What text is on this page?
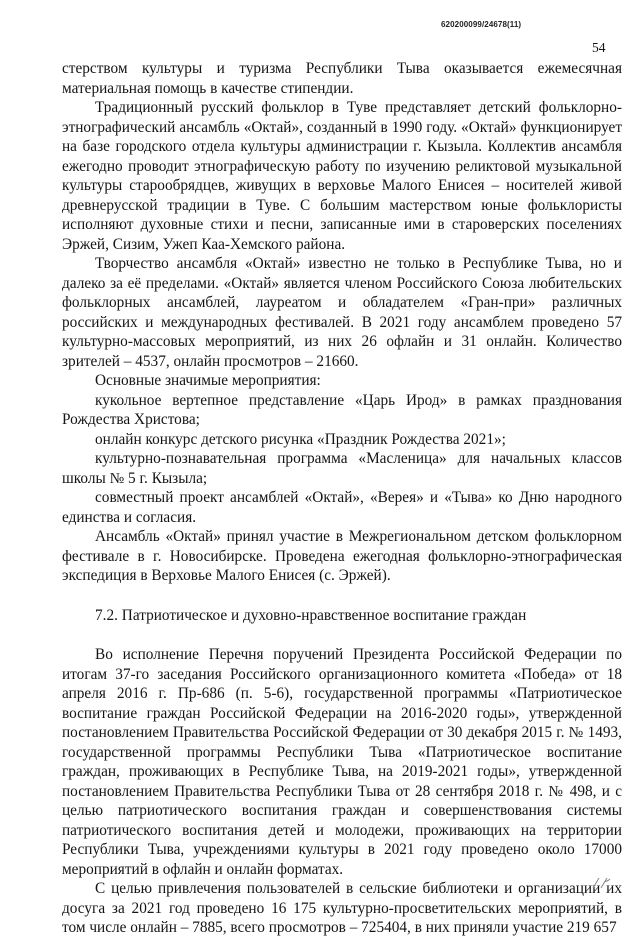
620200099/24678(11)
54

стерством культуры и туризма Республики Тыва оказывается ежемесячная материальная помощь в качестве стипендии.

Традиционный русский фольклор в Туве представляет детский фольклорно-этнографический ансамбль «Октай», созданный в 1990 году. «Октай» функционирует на базе городского отдела культуры администрации г. Кызыла. Коллектив ансамбля ежегодно проводит этнографическую работу по изучению реликтовой музыкальной культуры старообрядцев, живущих в верховье Малого Енисея – носителей живой древнерусской традиции в Туве. С большим мастерством юные фольклористы исполняют духовные стихи и песни, записанные ими в староверских поселениях Эржей, Сизим, Ужеп Каа-Хемского района.

Творчество ансамбля «Октай» известно не только в Республике Тыва, но и далеко за её пределами. «Октай» является членом Российского Союза любительских фольклорных ансамблей, лауреатом и обладателем «Гран-при» различных российских и международных фестивалей. В 2021 году ансамблем проведено 57 культурно-массовых мероприятий, из них 26 офлайн и 31 онлайн. Количество зрителей – 4537, онлайн просмотров – 21660.

Основные значимые мероприятия:

кукольное вертепное представление «Царь Ирод» в рамках празднования Рождества Христова;

онлайн конкурс детского рисунка «Праздник Рождества 2021»;

культурно-познавательная программа «Масленица» для начальных классов школы № 5 г. Кызыла;

совместный проект ансамблей «Октай», «Верея» и «Тыва» ко Дню народного единства и согласия.

Ансамбль «Октай» принял участие в Межрегиональном детском фольклорном фестивале в г. Новосибирске. Проведена ежегодная фольклорно-этнографическая экспедиция в Верховье Малого Енисея (с. Эржей).

7.2. Патриотическое и духовно-нравственное воспитание граждан

Во исполнение Перечня поручений Президента Российской Федерации по итогам 37-го заседания Российского организационного комитета «Победа» от 18 апреля 2016 г. Пр-686 (п. 5-6), государственной программы «Патриотическое воспитание граждан Российской Федерации на 2016-2020 годы», утвержденной постановлением Правительства Российской Федерации от 30 декабря 2015 г. № 1493, государственной программы Республики Тыва «Патриотическое воспитание граждан, проживающих в Республике Тыва, на 2019-2021 годы», утвержденной постановлением Правительства Республики Тыва от 28 сентября 2018 г. № 498, и с целью патриотического воспитания граждан и совершенствования системы патриотического воспитания детей и молодежи, проживающих на территории Республики Тыва, учреждениями культуры в 2021 году проведено около 17000 мероприятий в офлайн и онлайн форматах.

С целью привлечения пользователей в сельские библиотеки и организации их досуга за 2021 год проведено 16 175 культурно-просветительских мероприятий, в том числе онлайн – 7885, всего просмотров – 725404, в них приняли участие 219 657
